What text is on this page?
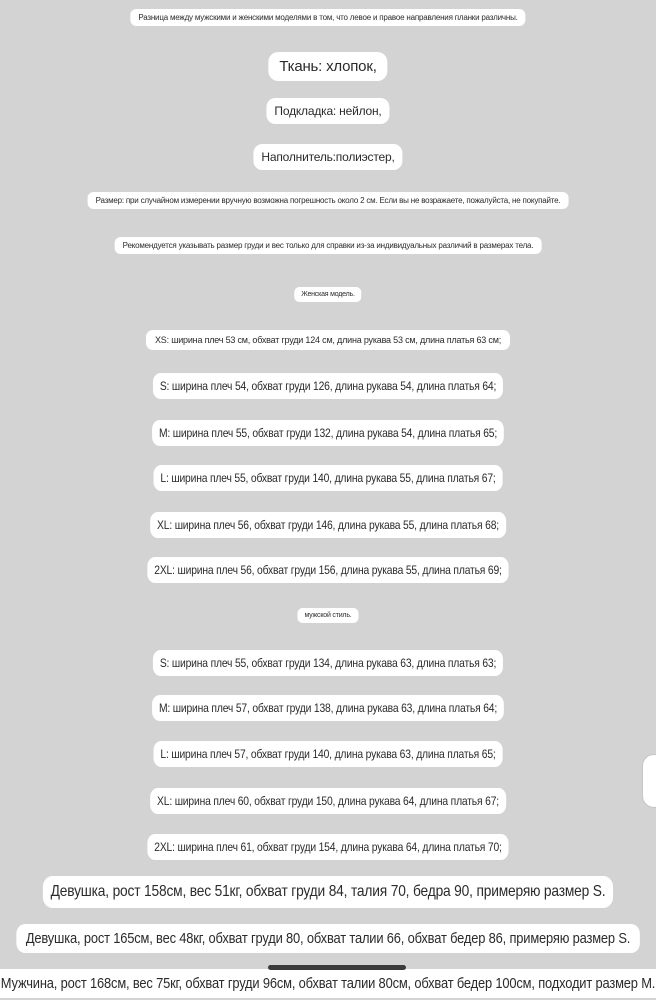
Разница между мужскими и женскими моделями в том, что левое и правое направления планки различны.
Ткань: хлопок,
Подкладка: нейлон,
Наполнитель:полиэстер,
Размер: при случайном измерении вручную возможна погрешность около 2 см. Если вы не возражаете, пожалуйста, не покупайте.
Рекомендуется указывать размер груди и вес только для справки из-за индивидуальных различий в размерах тела.
Женская модель.
XS: ширина плеч 53 см, обхват груди 124 см, длина рукава 53 см, длина платья 63 см;
S: ширина плеч 54, обхват груди 126, длина рукава 54, длина платья 64;
M: ширина плеч 55, обхват груди 132, длина рукава 54, длина платья 65;
L: ширина плеч 55, обхват груди 140, длина рукава 55, длина платья 67;
XL: ширина плеч 56, обхват груди 146, длина рукава 55, длина платья 68;
2XL: ширина плеч 56, обхват груди 156, длина рукава 55, длина платья 69;
мужской стиль.
S: ширина плеч 55, обхват груди 134, длина рукава 63, длина платья 63;
M: ширина плеч 57, обхват груди 138, длина рукава 63, длина платья 64;
L: ширина плеч 57, обхват груди 140, длина рукава 63, длина платья 65;
XL: ширина плеч 60, обхват груди 150, длина рукава 64, длина платья 67;
2XL: ширина плеч 61, обхват груди 154, длина рукава 64, длина платья 70;
Девушка, рост 158см, вес 51кг, обхват груди 84, талия 70, бедра 90, примеряю размер S.
Девушка, рост 165см, вес 48кг, обхват груди 80, обхват талии 66, обхват бедер 86, примеряю размер S.
Мужчина, рост 168см, вес 75кг, обхват груди 96см, обхват талии 80см, обхват бедер 100см, подходит размер M.
